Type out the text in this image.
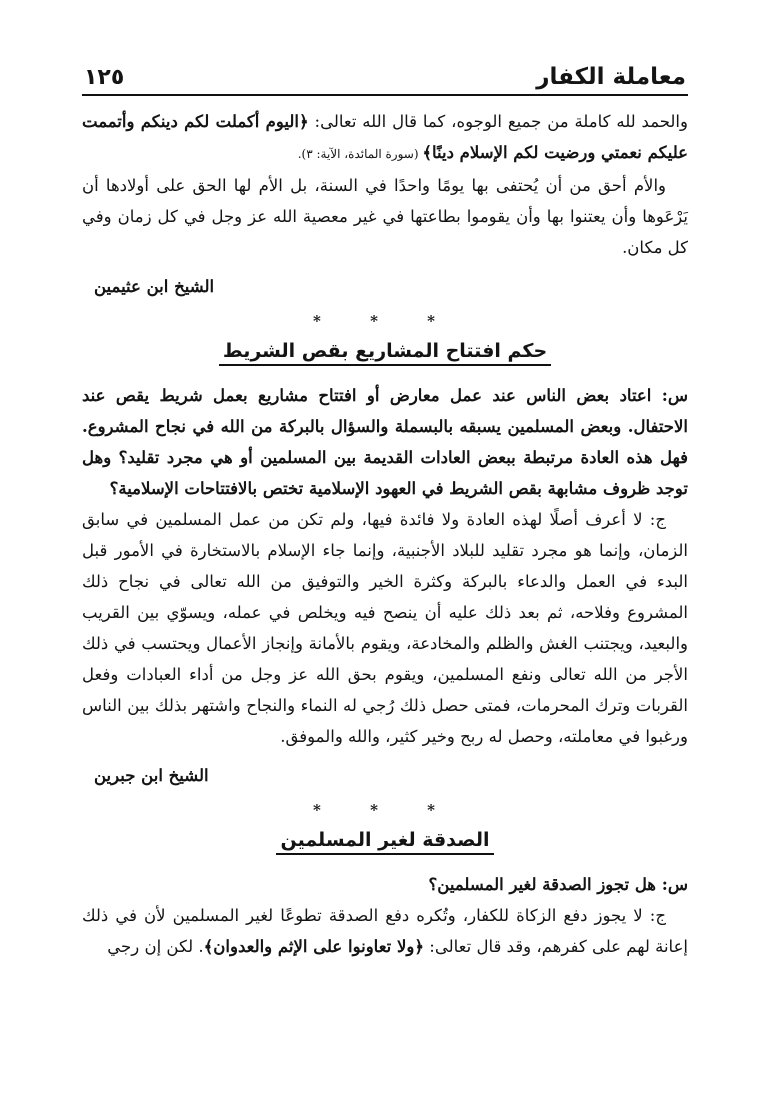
معاملة الكفار
١٢٥

والحمد لله كاملة من جميع الوجوه، كما قال الله تعالى: ﴿اليوم أكملت لكم دينكم وأتممت عليكم نعمتي ورضيت لكم الإسلام دينًا﴾ (سورة المائدة، الآية: ٣).

والأم أحق من أن يُحتفى بها يومًا واحدًا في السنة، بل الأم لها الحق على أولادها أن يَرْعَوها وأن يعتنوا بها وأن يقوموا بطاعتها في غير معصية الله عز وجل في كل زمان وفي كل مكان.

الشيخ ابن عثيمين
* * *
حكم افتتاح المشاريع بقص الشريط

س: اعتاد بعض الناس عند عمل معارض أو افتتاح مشاريع بعمل شريط يقص عند الاحتفال. وبعض المسلمين يسبقه بالبسملة والسؤال بالبركة من الله في نجاح المشروع. فهل هذه العادة مرتبطة ببعض العادات القديمة بين المسلمين أو هي مجرد تقليد؟ وهل توجد ظروف مشابهة بقص الشريط في العهود الإسلامية تختص بالافتتاحات الإسلامية؟

ج: لا أعرف أصلًا لهذه العادة ولا فائدة فيها، ولم تكن من عمل المسلمين في سابق الزمان، وإنما هو مجرد تقليد للبلاد الأجنبية، وإنما جاء الإسلام بالاستخارة في الأمور قبل البدء في العمل والدعاء بالبركة وكثرة الخير والتوفيق من الله تعالى في نجاح ذلك المشروع وفلاحه، ثم بعد ذلك عليه أن ينصح فيه ويخلص في عمله، ويسوّي بين القريب والبعيد، ويجتنب الغش والظلم والمخادعة، ويقوم بالأمانة وإنجاز الأعمال ويحتسب في ذلك الأجر من الله تعالى ونفع المسلمين، ويقوم بحق الله عز وجل من أداء العبادات وفعل القربات وترك المحرمات، فمتى حصل ذلك رُجي له النماء والنجاح واشتهر بذلك بين الناس ورغبوا في معاملته، وحصل له ربح وخير كثير، والله والموفق.

الشيخ ابن جبرين
* * *
الصدقة لغير المسلمين

س: هل تجوز الصدقة لغير المسلمين؟

ج: لا يجوز دفع الزكاة للكفار، وتُكره دفع الصدقة تطوعًا لغير المسلمين لأن في ذلك إعانة لهم على كفرهم، وقد قال تعالى: ﴿ولا تعاونوا على الإثم والعدوان﴾. لكن إن رجي
